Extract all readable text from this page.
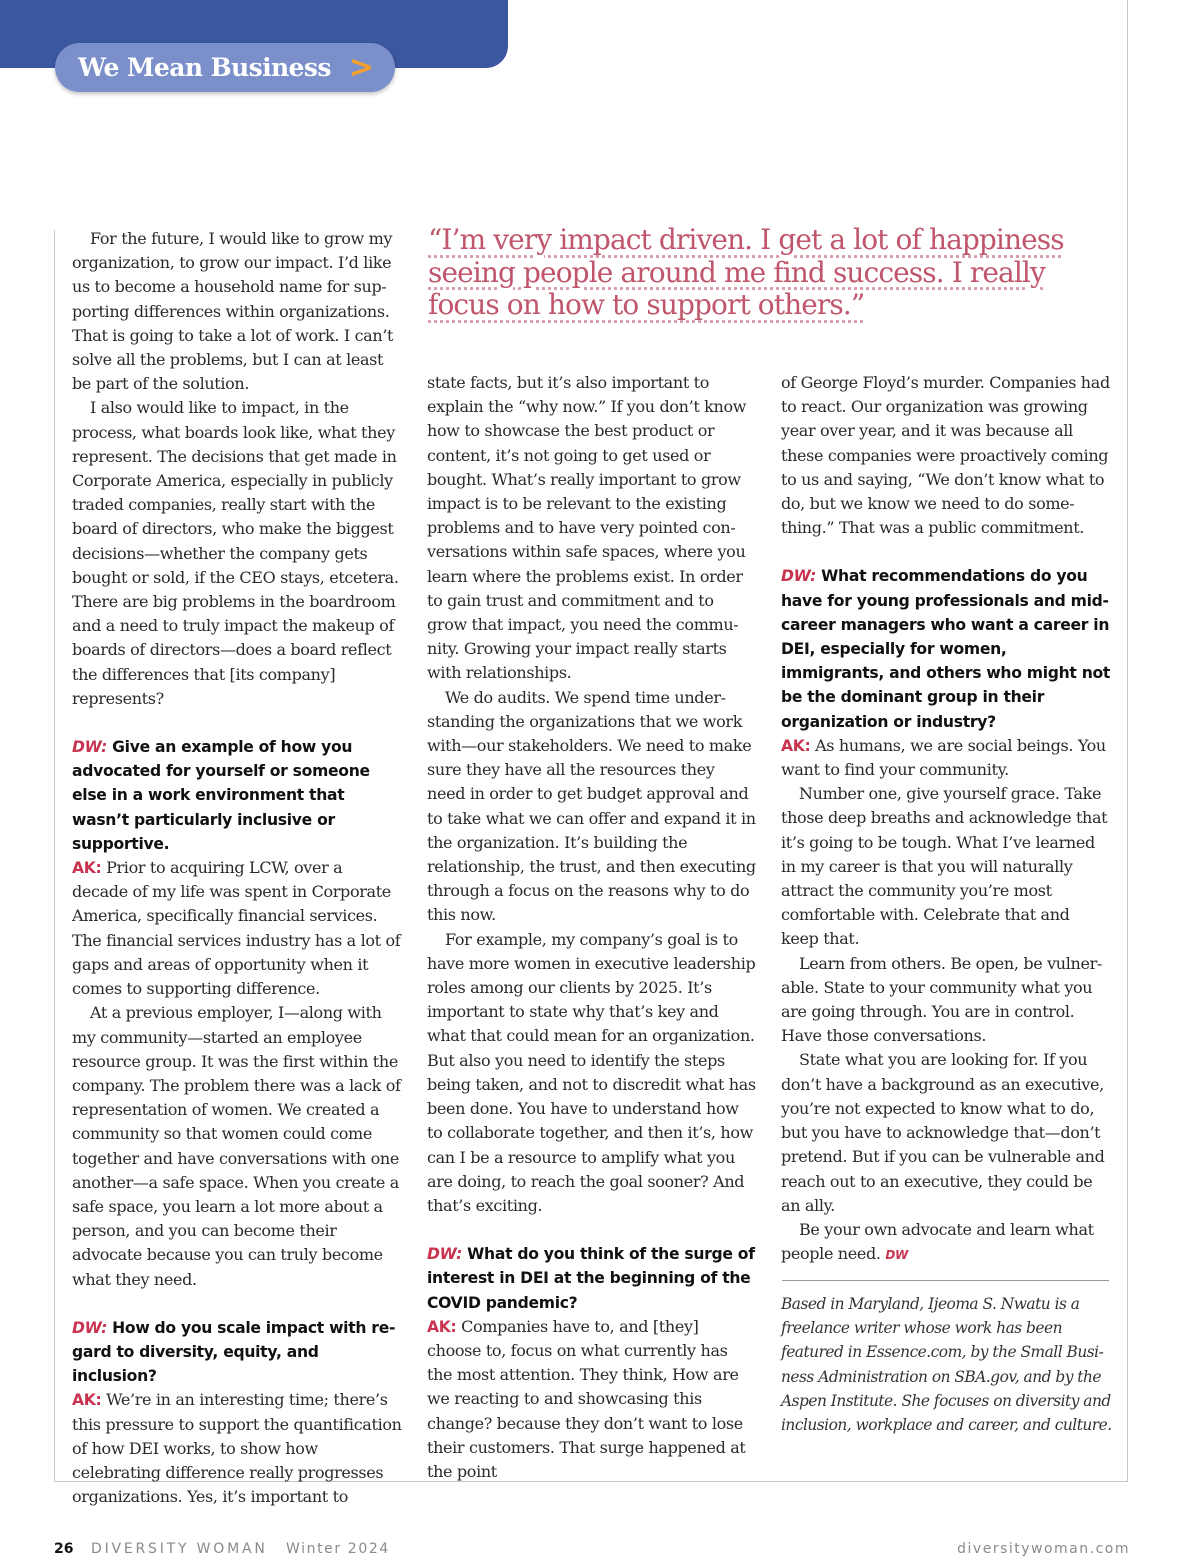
We Mean Business >
“I’m very impact driven. I get a lot of happiness seeing people around me find success. I really focus on how to support others.”

For the future, I would like to grow my organization, to grow our impact. I’d like us to become a household name for supporting differences within organizations. That is going to take a lot of work. I can’t solve all the problems, but I can at least be part of the solution.

I also would like to impact, in the process, what boards look like, what they represent. The decisions that get made in Corporate America, especially in publicly traded companies, really start with the board of directors, who make the biggest decisions—whether the company gets bought or sold, if the CEO stays, etcetera. There are big problems in the boardroom and a need to truly impact the makeup of boards of directors—does a board reflect the differences that [its company] represents?

DW: Give an example of how you advocated for yourself or someone else in a work environment that wasn’t particularly inclusive or supportive.

AK: Prior to acquiring LCW, over a decade of my life was spent in Corporate America, specifically financial services. The financial services industry has a lot of gaps and areas of opportunity when it comes to supporting difference.

At a previous employer, I—along with my community—started an employee resource group. It was the first within the company. The problem there was a lack of representation of women. We created a community so that women could come together and have conversations with one another—a safe space. When you create a safe space, you learn a lot more about a person, and you can become their advocate because you can truly become what they need.

DW: How do you scale impact with regard to diversity, equity, and inclusion?

AK: We’re in an interesting time; there’s this pressure to support the quantification of how DEI works, to show how celebrating difference really progresses organizations. Yes, it’s important to

state facts, but it’s also important to explain the “why now.” If you don’t know how to showcase the best product or content, it’s not going to get used or bought. What’s really important to grow impact is to be relevant to the existing problems and to have very pointed conversations within safe spaces, where you learn where the problems exist. In order to gain trust and commitment and to grow that impact, you need the community. Growing your impact really starts with relationships.

We do audits. We spend time understanding the organizations that we work with—our stakeholders. We need to make sure they have all the resources they need in order to get budget approval and to take what we can offer and expand it in the organization. It’s building the relationship, the trust, and then executing through a focus on the reasons why to do this now.

For example, my company’s goal is to have more women in executive leadership roles among our clients by 2025. It’s important to state why that’s key and what that could mean for an organization. But also you need to identify the steps being taken, and not to discredit what has been done. You have to understand how to collaborate together, and then it’s, how can I be a resource to amplify what you are doing, to reach the goal sooner? And that’s exciting.

DW: What do you think of the surge of interest in DEI at the beginning of the COVID pandemic?

AK: Companies have to, and [they] choose to, focus on what currently has the most attention. They think, How are we reacting to and showcasing this change? because they don’t want to lose their customers. That surge happened at the point

of George Floyd’s murder. Companies had to react. Our organization was growing year over year, and it was because all these companies were proactively coming to us and saying, “We don’t know what to do, but we know we need to do something.” That was a public commitment.

DW: What recommendations do you have for young professionals and mid-career managers who want a career in DEI, especially for women, immigrants, and others who might not be the dominant group in their organization or industry?

AK: As humans, we are social beings. You want to find your community.

Number one, give yourself grace. Take those deep breaths and acknowledge that it’s going to be tough. What I’ve learned in my career is that you will naturally attract the community you’re most comfortable with. Celebrate that and keep that.

Learn from others. Be open, be vulnerable. State to your community what you are going through. You are in control. Have those conversations.

State what you are looking for. If you don’t have a background as an executive, you’re not expected to know what to do, but you have to acknowledge that—don’t pretend. But if you can be vulnerable and reach out to an executive, they could be an ally.

Be your own advocate and learn what people need. DW

Based in Maryland, Ijeoma S. Nwatu is a freelance writer whose work has been featured in Essence.com, by the Small Business Administration on SBA.gov, and by the Aspen Institute. She focuses on diversity and inclusion, workplace and career, and culture.

26 DIVERSITY WOMAN Winter 2024	diversitywoman.com
